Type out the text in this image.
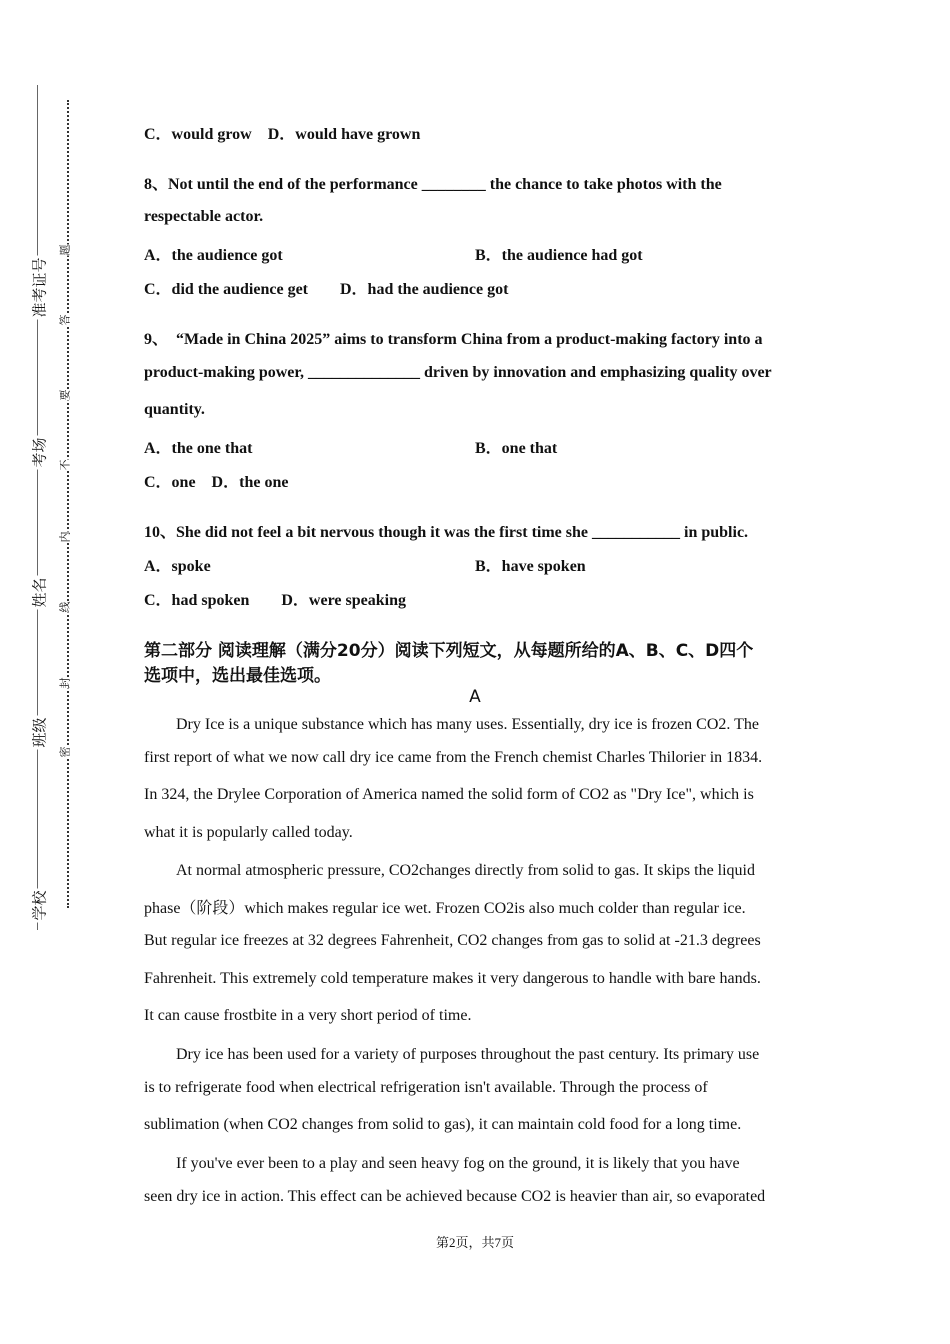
学校
班级
姓名
考场
准考证号
密
封
线
内
不
要
答
题
C．would grow　D．would have grown
8、Not until the end of the performance ________ the chance to take photos with the
respectable actor.
A．the audience got	B．the audience had got
C．did the audience get　　D．had the audience got
9、　“Made in China 2025” aims to transform China from a product-making factory into a
product-making power, ______________ driven by innovation and emphasizing quality over
quantity.
A．the one that	B．one that
C．one　D．the one
10、She did not feel a bit nervous though it was the first time she ___________ in public.
A．spoke	B．have spoken
C．had spoken　　D．were speaking
第二部分 阅读理解（满分20分）阅读下列短文，从每题所给的A、B、C、D四个
选项中，选出最佳选项。
A
　　Dry Ice is a unique substance which has many uses. Essentially, dry ice is frozen CO2. The
first report of what we now call dry ice came from the French chemist Charles Thilorier in 1834.
In 324, the Drylee Corporation of America named the solid form of CO2 as "Dry Ice", which is
what it is popularly called today.
　　At normal atmospheric pressure, CO2changes directly from solid to gas. It skips the liquid
phase（阶段）which makes regular ice wet. Frozen CO2is also much colder than regular ice.
But regular ice freezes at 32 degrees Fahrenheit, CO2 changes from gas to solid at -21.3 degrees
Fahrenheit. This extremely cold temperature makes it very dangerous to handle with bare hands.
It can cause frostbite in a very short period of time.
　　Dry ice has been used for a variety of purposes throughout the past century. Its primary use
is to refrigerate food when electrical refrigeration isn't available. Through the process of
sublimation (when CO2 changes from solid to gas), it can maintain cold food for a long time.
　　If you've ever been to a play and seen heavy fog on the ground, it is likely that you have
seen dry ice in action. This effect can be achieved because CO2 is heavier than air, so evaporated
第2页，共7页
